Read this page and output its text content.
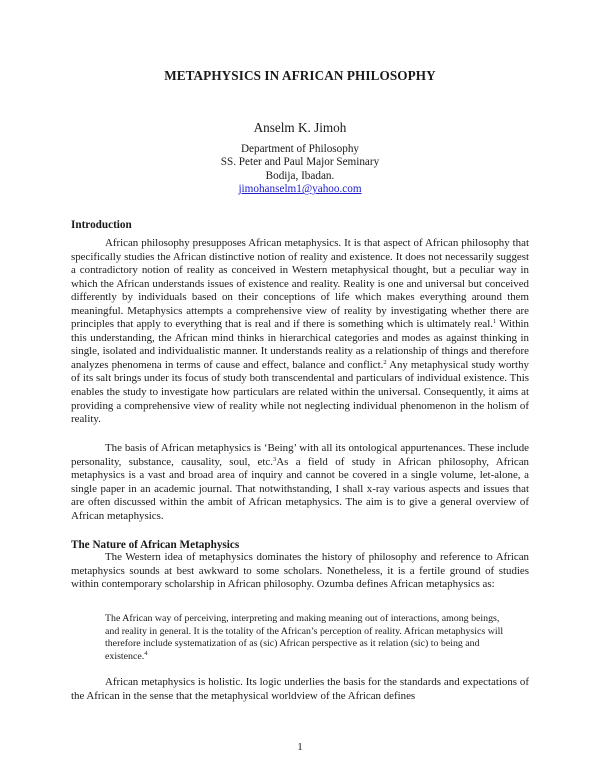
METAPHYSICS IN AFRICAN PHILOSOPHY
Anselm K. Jimoh
Department of Philosophy
SS. Peter and Paul Major Seminary
Bodija, Ibadan.
jimohanselm1@yahoo.com
Introduction

African philosophy presupposes African metaphysics. It is that aspect of African philosophy that specifically studies the African distinctive notion of reality and existence. It does not necessarily suggest a contradictory notion of reality as conceived in Western metaphysical thought, but a peculiar way in which the African understands issues of existence and reality. Reality is one and universal but conceived differently by individuals based on their conceptions of life which makes everything around them meaningful. Metaphysics attempts a comprehensive view of reality by investigating whether there are principles that apply to everything that is real and if there is something which is ultimately real.$^1$ Within this understanding, the African mind thinks in hierarchical categories and modes as against thinking in single, isolated and individualistic manner. It understands reality as a relationship of things and therefore analyzes phenomena in terms of cause and effect, balance and conflict.$^2$ Any metaphysical study worthy of its salt brings under its focus of study both transcendental and particulars of individual existence. This enables the study to investigate how particulars are related within the universal. Consequently, it aims at providing a comprehensive view of reality while not neglecting individual phenomenon in the holism of reality.

The basis of African metaphysics is ‘Being’ with all its ontological appurtenances. These include personality, substance, causality, soul, etc.$^3$As a field of study in African philosophy, African metaphysics is a vast and broad area of inquiry and cannot be covered in a single volume, let-alone, a single paper in an academic journal. That notwithstanding, I shall x-ray various aspects and issues that are often discussed within the ambit of African metaphysics. The aim is to give a general overview of African metaphysics.

The Nature of African Metaphysics

The Western idea of metaphysics dominates the history of philosophy and reference to African metaphysics sounds at best awkward to some scholars. Nonetheless, it is a fertile ground of studies within contemporary scholarship in African philosophy. Ozumba defines African metaphysics as:

The African way of perceiving, interpreting and making meaning out of interactions, among beings, and reality in general. It is the totality of the African’s perception of reality. African metaphysics will therefore include systematization of as (sic) African perspective as it relation (sic) to being and existence.$^4$

African metaphysics is holistic. Its logic underlies the basis for the standards and expectations of the African in the sense that the metaphysical worldview of the African defines

1
